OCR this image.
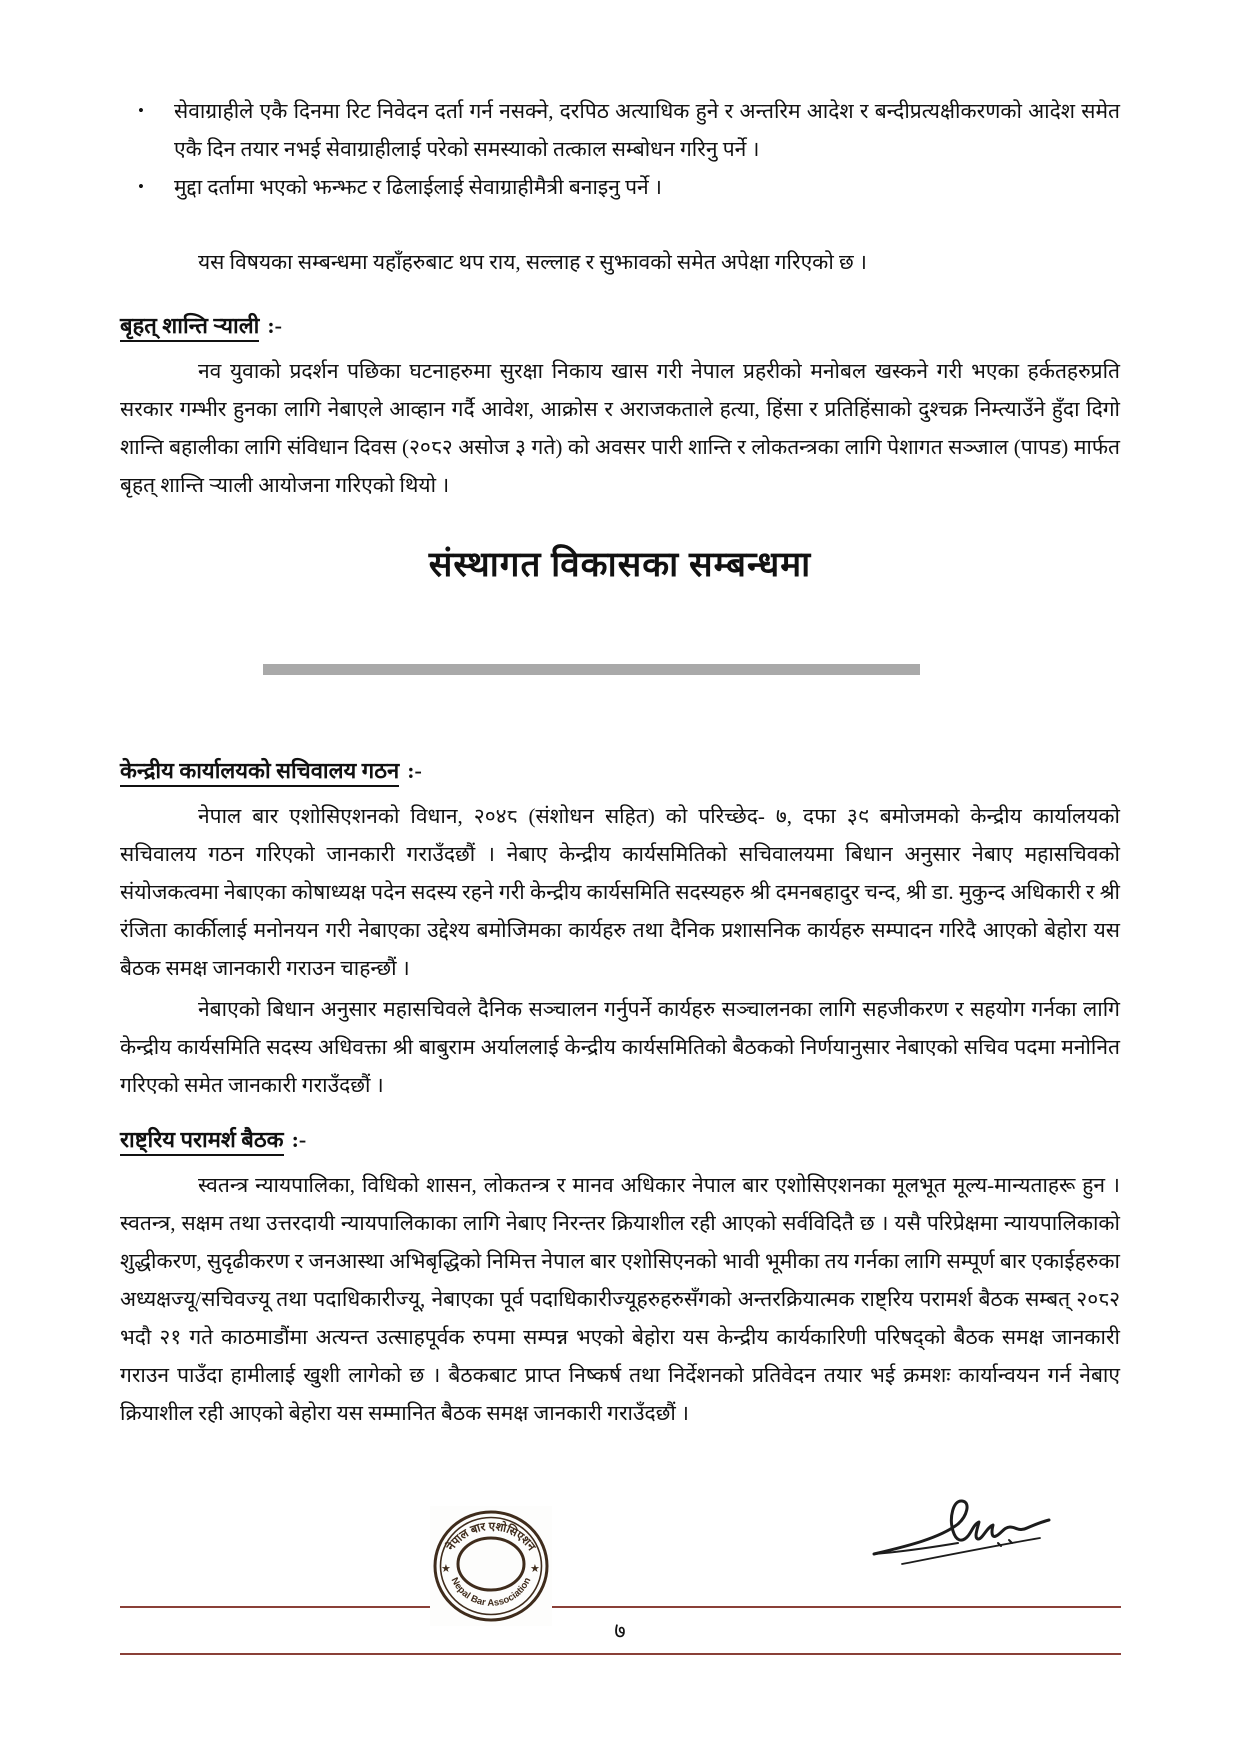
•	सेवाग्राहीले एकै दिनमा रिट निवेदन दर्ता गर्न नसक्ने, दरपिठ अत्याधिक हुने र अन्तरिम आदेश र बन्दीप्रत्यक्षीकरणको आदेश समेत एकै दिन तयार नभई सेवाग्राहीलाई परेको समस्याको तत्काल सम्बोधन गरिनु पर्ने ।
•	मुद्दा दर्तामा भएको झन्झट र ढिलाईलाई सेवाग्राहीमैत्री बनाइनु पर्ने ।

यस विषयका सम्बन्धमा यहाँहरुबाट थप राय, सल्लाह र सुझावको समेत अपेक्षा गरिएको छ ।

बृहत् शान्ति र्‍याली :-

नव युवाको प्रदर्शन पछिका घटनाहरुमा सुरक्षा निकाय खास गरी नेपाल प्रहरीको मनोबल खस्कने गरी भएका हर्कतहरुप्रति सरकार गम्भीर हुनका लागि नेबाएले आव्हान गर्दै आवेश, आक्रोस र अराजकताले हत्या, हिंसा र प्रतिहिंसाको दुश्चक्र निम्त्याउँने हुँदा दिगो शान्ति बहालीका लागि संविधान दिवस (२०८२ असोज ३ गते) को अवसर पारी शान्ति र लोकतन्त्रका लागि पेशागत सञ्जाल (पापड) मार्फत बृहत् शान्ति र्‍याली आयोजना गरिएको थियो ।

संस्थागत विकासका सम्बन्धमा
केन्द्रीय कार्यालयको सचिवालय गठन :-

नेपाल बार एशोसिएशनको विधान, २०४८ (संशोधन सहित) को परिच्छेद- ७, दफा ३९ बमोजमको केन्द्रीय कार्यालयको सचिवालय गठन गरिएको जानकारी गराउँदछौं । नेबाए केन्द्रीय कार्यसमितिको सचिवालयमा बिधान अनुसार नेबाए महासचिवको संयोजकत्वमा नेबाएका कोषाध्यक्ष पदेन सदस्य रहने गरी केन्द्रीय कार्यसमिति सदस्यहरु श्री दमनबहादुर चन्द, श्री डा. मुकुन्द अधिकारी र श्री रंजिता कार्कीलाई मनोनयन गरी नेबाएका उद्देश्य बमोजिमका कार्यहरु तथा दैनिक प्रशासनिक कार्यहरु सम्पादन गरिदै आएको बेहोरा यस बैठक समक्ष जानकारी गराउन चाहन्छौं ।

नेबाएको बिधान अनुसार महासचिवले दैनिक सञ्चालन गर्नुपर्ने कार्यहरु सञ्चालनका लागि सहजीकरण र सहयोग गर्नका लागि केन्द्रीय कार्यसमिति सदस्य अधिवक्ता श्री बाबुराम अर्याललाई केन्द्रीय कार्यसमितिको बैठकको निर्णयानुसार नेबाएको सचिव पदमा मनोनित गरिएको समेत जानकारी गराउँदछौं ।

राष्ट्रिय परामर्श बैठक :-

स्वतन्त्र न्यायपालिका, विधिको शासन, लोकतन्त्र र मानव अधिकार नेपाल बार एशोसिएशनका मूलभूत मूल्य-मान्यताहरू हुन । स्वतन्त्र, सक्षम तथा उत्तरदायी न्यायपालिकाका लागि नेबाए निरन्तर क्रियाशील रही आएको सर्वविदितै छ । यसै परिप्रेक्षमा न्यायपालिकाको शुद्धीकरण, सुदृढीकरण र जनआस्था अभिबृद्धिको निमित्त नेपाल बार एशोसिएनको भावी भूमीका तय गर्नका लागि सम्पूर्ण बार एकाईहरुका अध्यक्षज्यू/सचिवज्यू तथा पदाधिकारीज्यू, नेबाएका पूर्व पदाधिकारीज्यूहरुहरुसँगको अन्तरक्रियात्मक राष्ट्रिय परामर्श बैठक सम्बत् २०८२ भदौ २१ गते काठमाडौंमा अत्यन्त उत्साहपूर्वक रुपमा सम्पन्न भएको बेहोरा यस केन्द्रीय कार्यकारिणी परिषद्को बैठक समक्ष जानकारी गराउन पाउँदा हामीलाई खुशी लागेको छ । बैठकबाट प्राप्त निष्कर्ष तथा निर्देशनको प्रतिवेदन तयार भई क्रमशः कार्यान्वयन गर्न नेबाए क्रियाशील रही आएको बेहोरा यस सम्मानित बैठक समक्ष जानकारी गराउँदछौं ।

नेपाल बार एशोसिएशन
Nepal Bar Association
★	★

७
